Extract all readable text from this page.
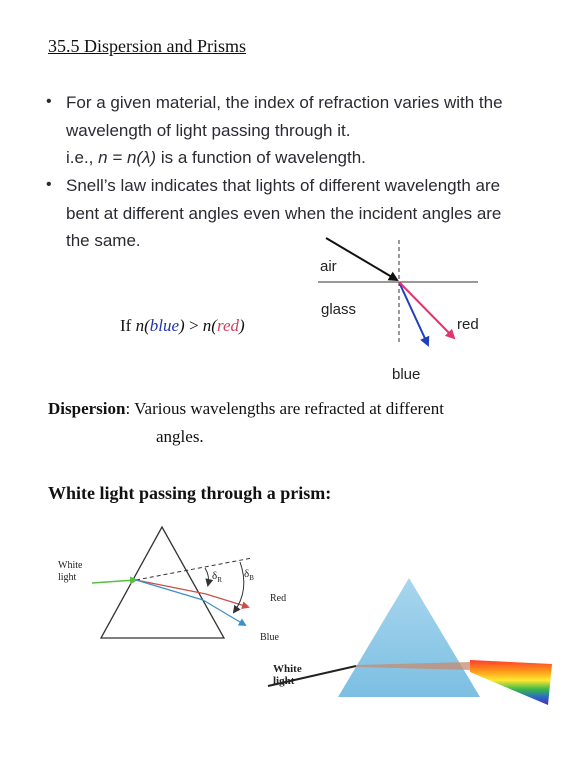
35.5 Dispersion and Prisms
• For a given material, the index of refraction varies with the
wavelength of light passing through it.
i.e., n = n(λ) is a function of wavelength.
• Snell’s law indicates that lights of different wavelength are
bent at different angles even when the incident angles are
the same.
air
glass
red
blue
If n(blue) > n(red)
Dispersion: Various wavelengths are refracted at different
angles.
White light passing through a prism:
White
light	$\delta_R$
$\delta_B$
Red
Blue
White
light
